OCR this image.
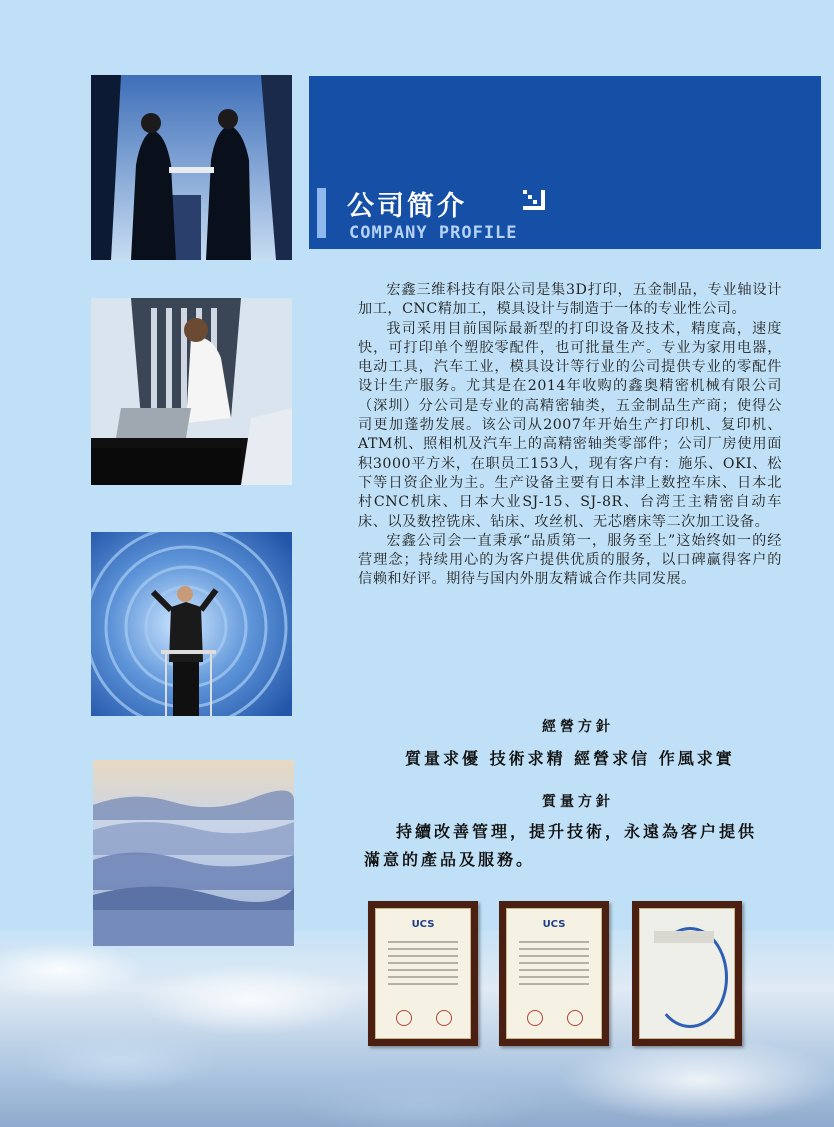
公司简介
COMPANY PROFILE

宏鑫三维科技有限公司是集3D打印，五金制品，专业轴设计加工，CNC精加工，模具设计与制造于一体的专业性公司。

我司采用目前国际最新型的打印设备及技术，精度高，速度快，可打印单个塑胶零配件，也可批量生产。专业为家用电器，电动工具，汽车工业，模具设计等行业的公司提供专业的零配件设计生产服务。尤其是在2014年收购的鑫奥精密机械有限公司（深圳）分公司是专业的高精密轴类，五金制品生产商；使得公司更加蓬勃发展。该公司从2007年开始生产打印机、复印机、ATM机、照相机及汽车上的高精密轴类零部件；公司厂房使用面积3000平方米，在职员工153人，现有客户有：施乐、OKI、松下等日资企业为主。生产设备主要有日本津上数控车床、日本北村CNC机床、日本大业SJ-15、SJ-8R、台湾王主精密自动车床、以及数控铣床、钻床、攻丝机、无芯磨床等二次加工设备。

宏鑫公司会一直秉承“品质第一，服务至上”这始终如一的经营理念；持续用心的为客户提供优质的服务，以口碑赢得客户的信赖和好评。期待与国内外朋友精诚合作共同发展。

經營方針
質量求優 技術求精 經營求信 作風求實
質量方針
持續改善管理，提升技術，永遠為客户提供滿意的產品及服務。
UCS	UCS
